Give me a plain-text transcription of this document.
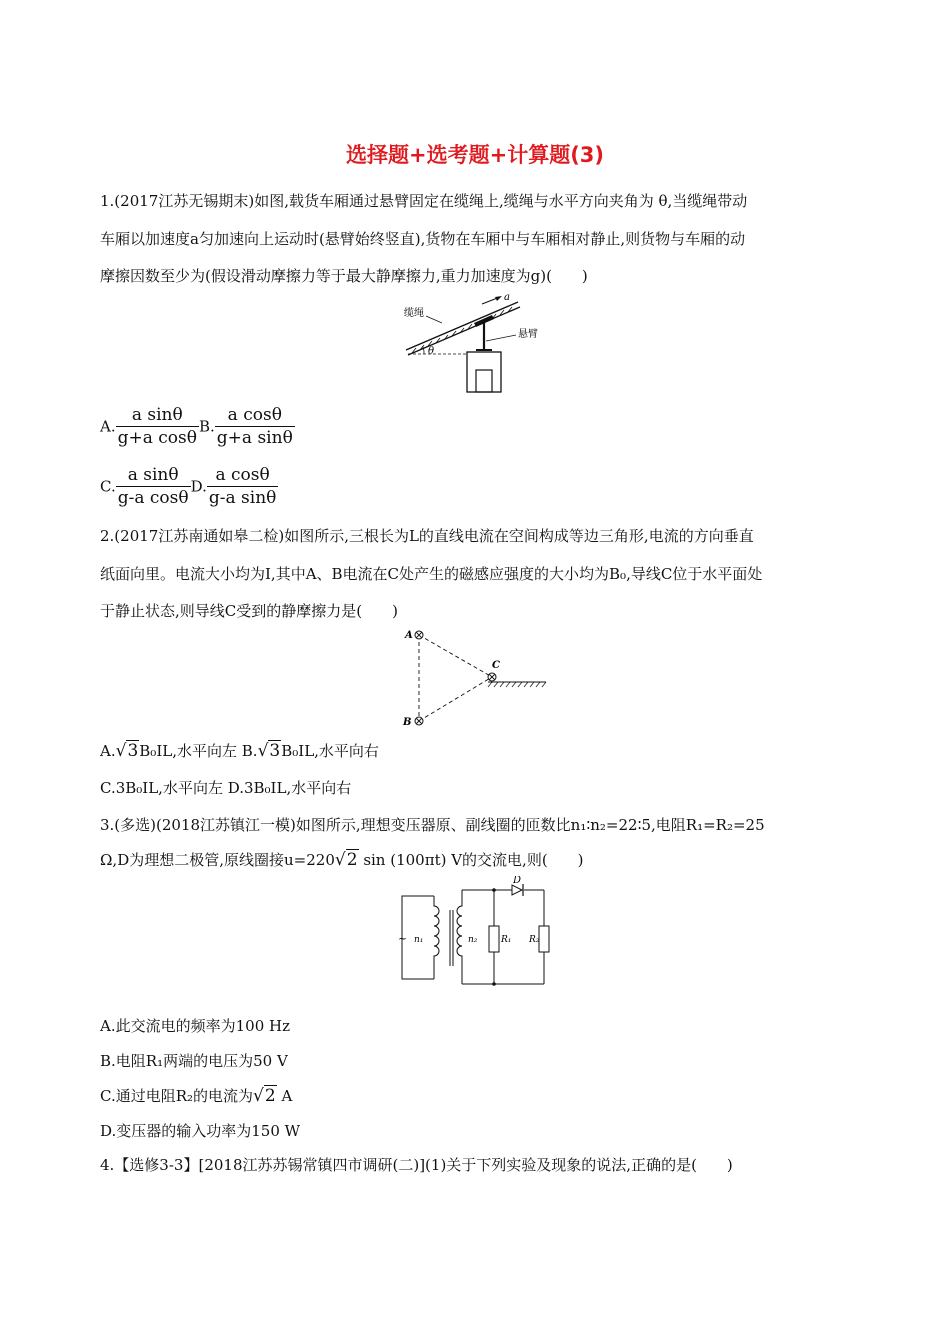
选择题+选考题+计算题(3)
1.(2017江苏无锡期末)如图,载货车厢通过悬臂固定在缆绳上,缆绳与水平方向夹角为 θ,当缆绳带动
车厢以加速度a匀加速向上运动时(悬臂始终竖直),货物在车厢中与车厢相对静止,则货物与车厢的动
摩擦因数至少为(假设滑动摩擦力等于最大静摩擦力,重力加速度为g)(　　)
a
θ
缆绳
悬臂
A. $\frac{\text{a sinθ}}{\text{g+a cosθ}} B$. $\frac{\text{a cosθ}}{\text{g+a sinθ}}$
C. $\frac{\text{a sinθ}}{\text{g-a cosθ}} D$. $\frac{\text{a cosθ}}{\text{g-a sinθ}}$
2.(2017江苏南通如皋二检)如图所示,三根长为L的直线电流在空间构成等边三角形,电流的方向垂直
纸面向里。电流大小均为I,其中A、B电流在C处产生的磁感应强度的大小均为B₀,导线C位于水平面处
于静止状态,则导线C受到的静摩擦力是(　　)
A
B
C
A.√3B₀IL,水平向左 B.√3B₀IL,水平向右
C.3B₀IL,水平向左 D.3B₀IL,水平向右
3.(多选)(2018江苏镇江一模)如图所示,理想变压器原、副线圈的匝数比n₁∶n₂=22∶5,电阻R₁=R₂=25
Ω,D为理想二极管,原线圈接u=220√2 sin (100πt) V的交流电,则(　　)
D
~ n₁	n₂	R₁ R₂
A.此交流电的频率为100 Hz
B.电阻R₁两端的电压为50 V
C.通过电阻R₂的电流为√2 A
D.变压器的输入功率为150 W
4.【选修3-3】[2018江苏苏锡常镇四市调研(二)](1)关于下列实验及现象的说法,正确的是(　　)
